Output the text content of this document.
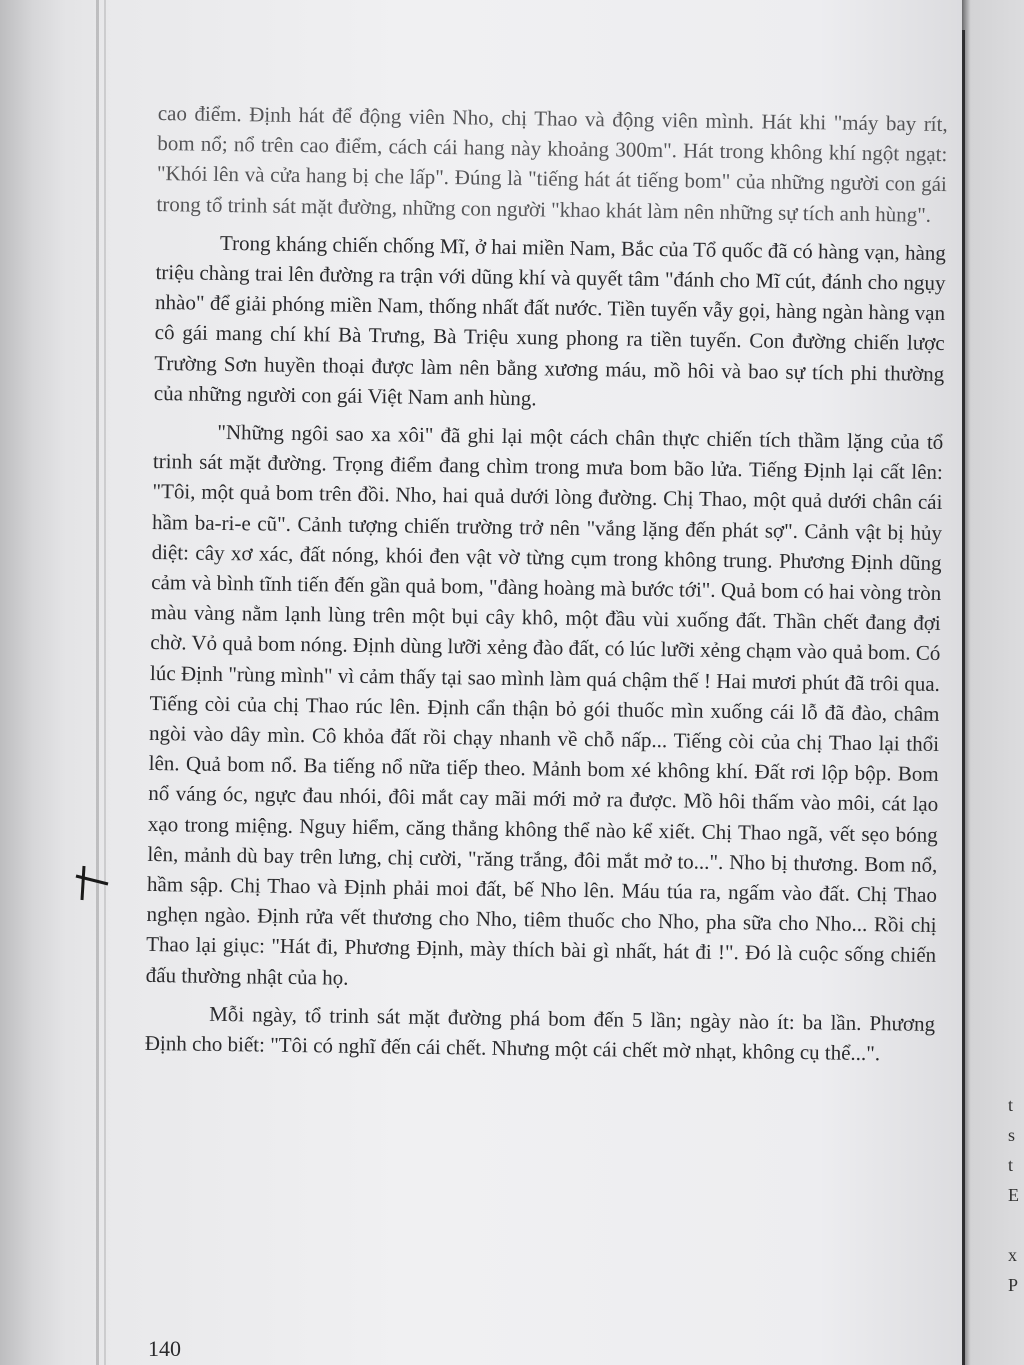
cao điểm. Định hát để động viên Nho, chị Thao và động viên mình. Hát khi "máy bay rít, bom nổ; nổ trên cao điểm, cách cái hang này khoảng 300m". Hát trong không khí ngột ngạt: "Khói lên và cửa hang bị che lấp". Đúng là "tiếng hát át tiếng bom" của những người con gái trong tổ trinh sát mặt đường, những con người "khao khát làm nên những sự tích anh hùng".

Trong kháng chiến chống Mĩ, ở hai miền Nam, Bắc của Tổ quốc đã có hàng vạn, hàng triệu chàng trai lên đường ra trận với dũng khí và quyết tâm "đánh cho Mĩ cút, đánh cho ngụy nhào" để giải phóng miền Nam, thống nhất đất nước. Tiền tuyến vẫy gọi, hàng ngàn hàng vạn cô gái mang chí khí Bà Trưng, Bà Triệu xung phong ra tiền tuyến. Con đường chiến lược Trường Sơn huyền thoại được làm nên bằng xương máu, mồ hôi và bao sự tích phi thường của những người con gái Việt Nam anh hùng.

"Những ngôi sao xa xôi" đã ghi lại một cách chân thực chiến tích thầm lặng của tổ trinh sát mặt đường. Trọng điểm đang chìm trong mưa bom bão lửa. Tiếng Định lại cất lên: "Tôi, một quả bom trên đồi. Nho, hai quả dưới lòng đường. Chị Thao, một quả dưới chân cái hầm ba-ri-e cũ". Cảnh tượng chiến trường trở nên "vắng lặng đến phát sợ". Cảnh vật bị hủy diệt: cây xơ xác, đất nóng, khói đen vật vờ từng cụm trong không trung. Phương Định dũng cảm và bình tĩnh tiến đến gần quả bom, "đàng hoàng mà bước tới". Quả bom có hai vòng tròn màu vàng nằm lạnh lùng trên một bụi cây khô, một đầu vùi xuống đất. Thần chết đang đợi chờ. Vỏ quả bom nóng. Định dùng lưỡi xẻng đào đất, có lúc lưỡi xẻng chạm vào quả bom. Có lúc Định "rùng mình" vì cảm thấy tại sao mình làm quá chậm thế ! Hai mươi phút đã trôi qua. Tiếng còi của chị Thao rúc lên. Định cẩn thận bỏ gói thuốc mìn xuống cái lỗ đã đào, châm ngòi vào dây mìn. Cô khỏa đất rồi chạy nhanh về chỗ nấp... Tiếng còi của chị Thao lại thổi lên. Quả bom nổ. Ba tiếng nổ nữa tiếp theo. Mảnh bom xé không khí. Đất rơi lộp bộp. Bom nổ váng óc, ngực đau nhói, đôi mắt cay mãi mới mở ra được. Mồ hôi thấm vào môi, cát lạo xạo trong miệng. Nguy hiểm, căng thẳng không thể nào kể xiết. Chị Thao ngã, vết sẹo bóng lên, mảnh dù bay trên lưng, chị cười, "răng trắng, đôi mắt mở to...". Nho bị thương. Bom nổ, hầm sập. Chị Thao và Định phải moi đất, bế Nho lên. Máu túa ra, ngấm vào đất. Chị Thao nghẹn ngào. Định rửa vết thương cho Nho, tiêm thuốc cho Nho, pha sữa cho Nho... Rồi chị Thao lại giục: "Hát đi, Phương Định, mày thích bài gì nhất, hát đi !". Đó là cuộc sống chiến đấu thường nhật của họ.

Mỗi ngày, tổ trinh sát mặt đường phá bom đến 5 lần; ngày nào ít: ba lần. Phương Định cho biết: "Tôi có nghĩ đến cái chết. Nhưng một cái chết mờ nhạt, không cụ thể...".

140
t
s
t
E
x
P
